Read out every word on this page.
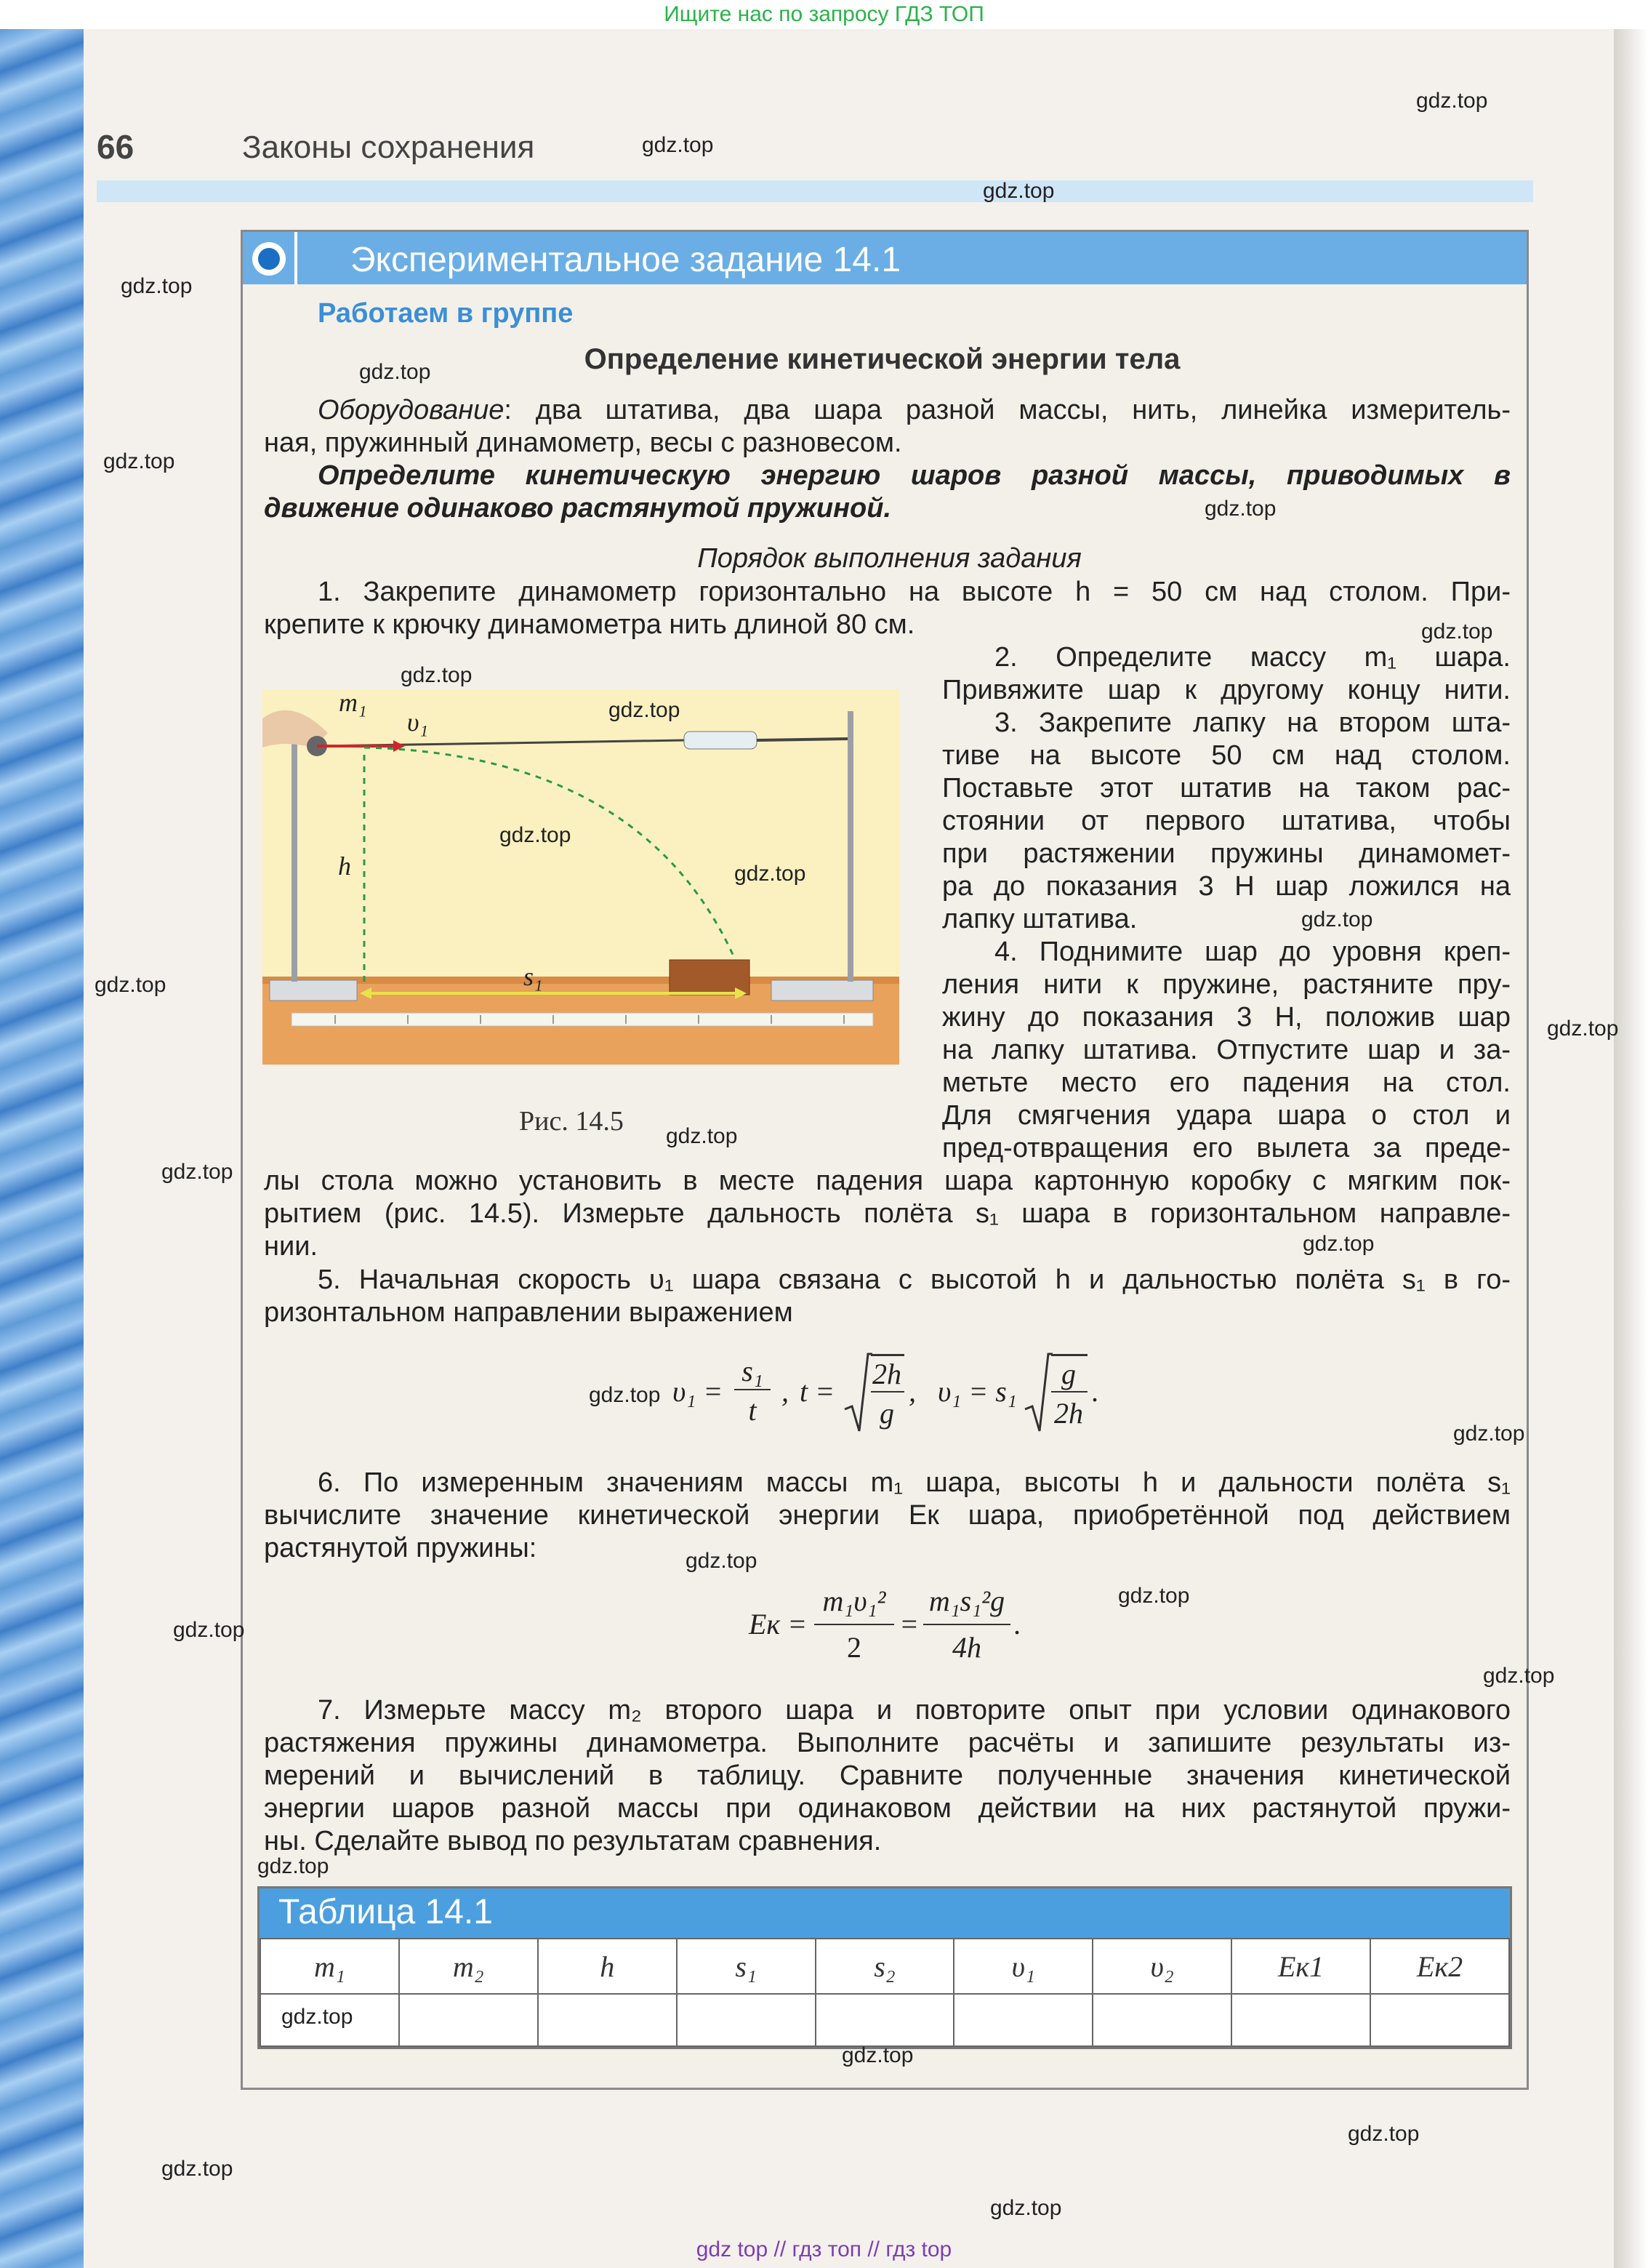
Ищите нас по запросу ГДЗ ТОП
66	Законы сохранения
Экспериментальное задание 14.1
Работаем в группе
Определение кинетической энергии тела
Оборудование: два штатива, два шара разной массы, нить, линейка измеритель-
ная, пружинный динамометр, весы с разновесом.
Определите кинетическую энергию шаров разной массы, приводимых в
движение одинаково растянутой пружиной.
Порядок выполнения задания
1. Закрепите динамометр горизонтально на высоте h = 50 см над столом. При-
крепите к крючку динамометра нить длиной 80 см.
2. Определите массу m₁ шара.
Привяжите шар к другому концу нити.
3. Закрепите лапку на втором шта-
тиве на высоте 50 см над столом.
Поставьте этот штатив на таком рас-
стоянии от первого штатива, чтобы
при растяжении пружины динамомет-
ра до показания 3 Н шар ложился на
лапку штатива.
4. Поднимите шар до уровня креп-
ления нити к пружине, растяните пру-
жину до показания 3 Н, положив шар
на лапку штатива. Отпустите шар и за-
метьте место его падения на стол.
Для смягчения удара шара о стол и
пред-отвращения его вылета за преде-
лы стола можно установить в месте падения шара картонную коробку с мягким пок-
рытием (рис. 14.5). Измерьте дальность полёта s₁ шара в горизонтальном направле-
нии.
m₁
υ₁
h
s₁
Рис. 14.5
5. Начальная скорость υ₁ шара связана с высотой h и дальностью полёта s₁ в го-
ризонтальном направлении выражением
υ₁ =
s₁
t
, t =
2h
g
, υ₁ = s₁
g
2h
.
6. По измеренным значениям массы m₁ шара, высоты h и дальности полёта s₁
вычислите значение кинетической энергии Eк шара, приобретённой под действием
растянутой пружины:
Eк =
m₁υ₁²
2
=
m₁s₁²g
4h
.
7. Измерьте массу m₂ второго шара и повторите опыт при условии одинакового
растяжения пружины динамометра. Выполните расчёты и запишите результаты из-
мерений и вычислений в таблицу. Сравните полученные значения кинетической
энергии шаров разной массы при одинаковом действии на них растянутой пружи-
ны. Сделайте вывод по результатам сравнения.
Таблица 14.1
m₁	m₂	h	s₁	s₂	υ₁	υ₂	Eк1	Eк2

gdz.top
gdz.top
gdz.top
gdz.top
gdz.top
gdz.top
gdz.top
gdz.top
gdz.top
gdz.top
gdz.top
gdz.top
gdz.top
gdz.top
gdz.top
gdz.top
gdz.top
gdz.top
gdz.top
gdz.top
gdz.top
gdz.top
gdz.top
gdz.top
gdz.top
gdz.top
gdz.top
gdz.top
gdz.top
gdz.top
gdz top // гдз топ // гдз top
